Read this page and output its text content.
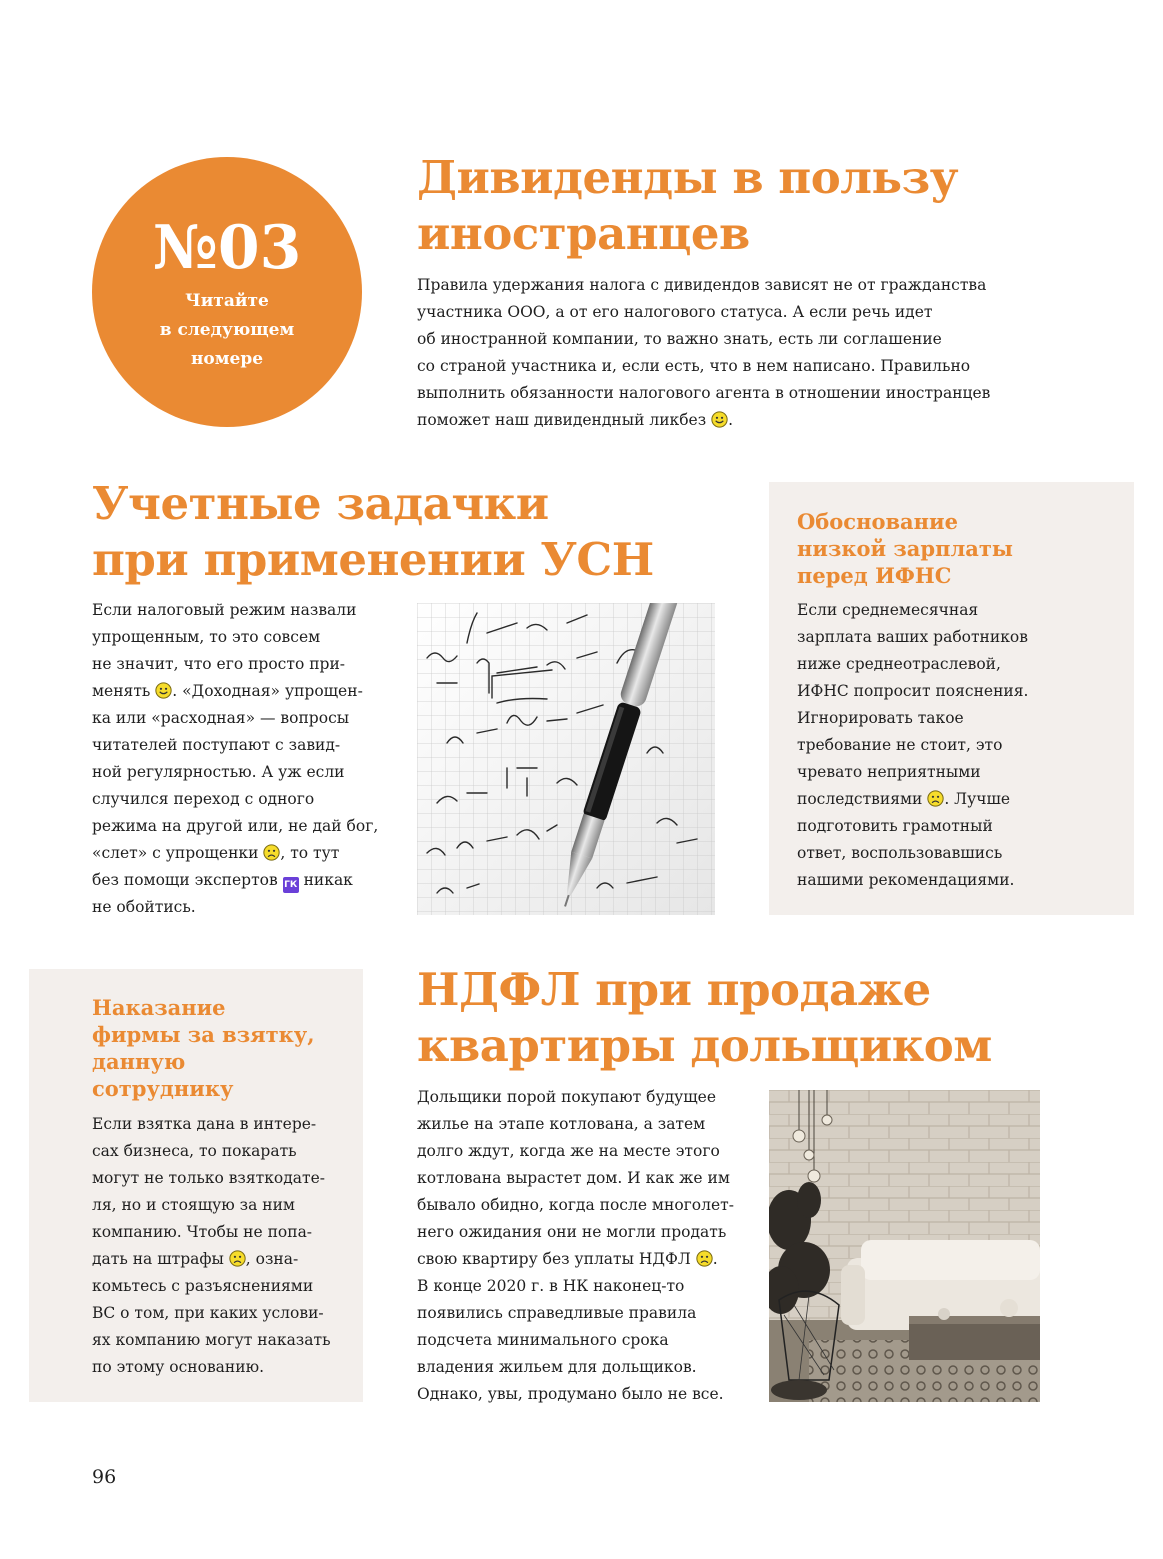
№03
Читайте
в следующем
номере
Дивиденды в пользу
иностранцев
Правила удержания налога с дивидендов зависят не от гражданства
участника ООО, а от его налогового статуса. А если речь идет
об иностранной компании, то важно знать, есть ли соглашение
со страной участника и, если есть, что в нем написано. Правильно
выполнить обязанности налогового агента в отношении иностранцев
поможет наш дивидендный ликбез .
Учетные задачки
при применении УСН
Если налоговый режим назвали
упрощенным, то это совсем
не значит, что его просто при-
менять . «Доходная» упрощен-
ка или «расходная» — вопросы
читателей поступают с завид-
ной регулярностью. А уж если
случился переход с одного
режима на другой или, не дай бог,
«слет» с упрощенки , то тут
без помощи экспертов ГК никак
не обойтись.
Обоснование
низкой зарплаты
перед ИФНС
Если среднемесячная
зарплата ваших работников
ниже среднеотраслевой,
ИФНС попросит пояснения.
Игнорировать такое
требование не стоит, это
чревато неприятными
последствиями . Лучше
подготовить грамотный
ответ, воспользовавшись
нашими рекомендациями.
Наказание
фирмы за взятку,
данную
сотруднику
Если взятка дана в интере-
сах бизнеса, то покарать
могут не только взяткодате-
ля, но и стоящую за ним
компанию. Чтобы не попа-
дать на штрафы , озна-
комьтесь с разъяснениями
ВС о том, при каких услови-
ях компанию могут наказать
по этому основанию.
НДФЛ при продаже
квартиры дольщиком
Дольщики порой покупают будущее
жилье на этапе котлована, а затем
долго ждут, когда же на месте этого
котлована вырастет дом. И как же им
бывало обидно, когда после многолет-
него ожидания они не могли продать
свою квартиру без уплаты НДФЛ .
В конце 2020 г. в НК наконец-то
появились справедливые правила
подсчета минимального срока
владения жильем для дольщиков.
Однако, увы, продумано было не все.
96
